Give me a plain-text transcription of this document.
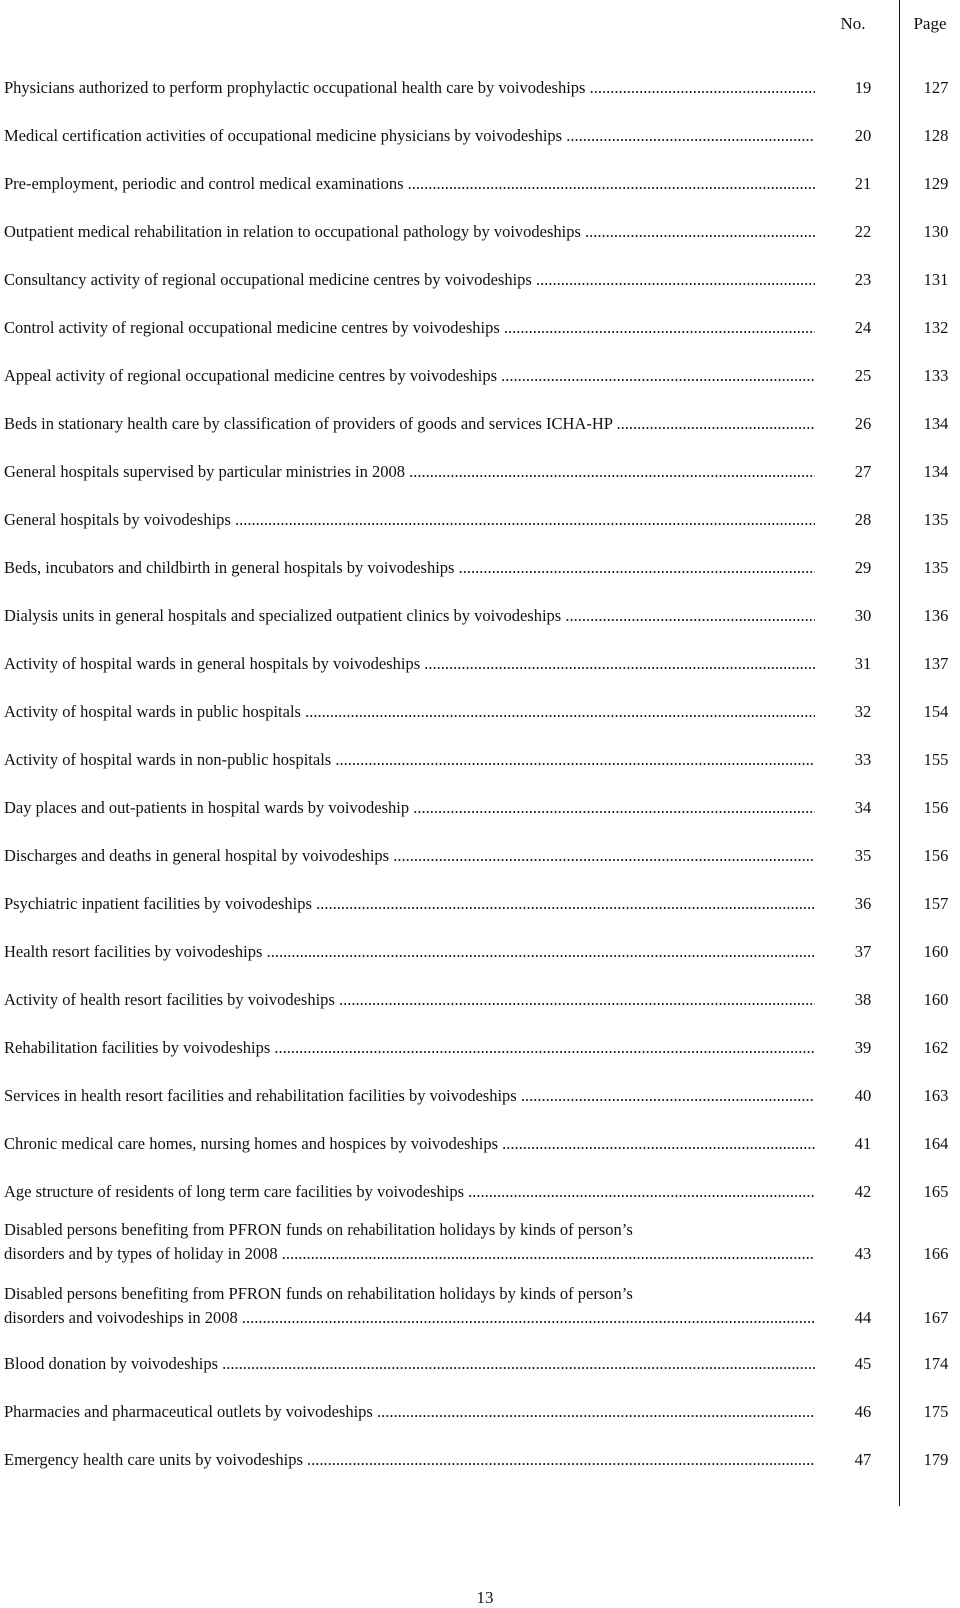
No.	Page
Physicians authorized to perform prophylactic occupational health care by voivodeships .....	19	127
Medical certification activities of occupational medicine physicians by voivodeships .....	20	128
Pre-employment, periodic and control medical examinations .....	21	129
Outpatient medical rehabilitation in relation to occupational pathology by voivodeships .....	22	130
Consultancy activity of regional occupational medicine centres by voivodeships .....	23	131
Control activity of regional occupational medicine centres by voivodeships .....	24	132
Appeal activity of regional occupational medicine centres by voivodeships .....	25	133
Beds in stationary health care by classification of providers of goods and services ICHA-HP .....	26	134
General hospitals supervised by particular ministries in 2008 .....	27	134
General hospitals by voivodeships .....	28	135
Beds, incubators and childbirth in general hospitals by voivodeships .....	29	135
Dialysis units in general hospitals and specialized outpatient clinics by voivodeships .....	30	136
Activity of hospital wards in general hospitals by voivodeships .....	31	137
Activity of hospital wards in public hospitals .....	32	154
Activity of hospital wards in non-public hospitals .....	33	155
Day places and out-patients in hospital wards by voivodeship .....	34	156
Discharges and deaths in general hospital by voivodeships .....	35	156
Psychiatric inpatient facilities by voivodeships .....	36	157
Health resort facilities by voivodeships .....	37	160
Activity of health resort facilities by voivodeships .....	38	160
Rehabilitation facilities by voivodeships .....	39	162
Services in health resort facilities and rehabilitation facilities by voivodeships .....	40	163
Chronic medical care homes, nursing homes and hospices by voivodeships .....	41	164
Age structure of residents of long term care facilities by voivodeships .....	42	165
Disabled persons benefiting from PFRON funds on rehabilitation holidays by kinds of person’s
disorders and by types of holiday in 2008 .....	43	166
Disabled persons benefiting from PFRON funds on rehabilitation holidays by kinds of person’s
disorders and voivodeships in 2008 .....	44	167
Blood donation by voivodeships .....	45	174
Pharmacies and pharmaceutical outlets by voivodeships .....	46	175
Emergency health care units by voivodeships .....	47	179
13
